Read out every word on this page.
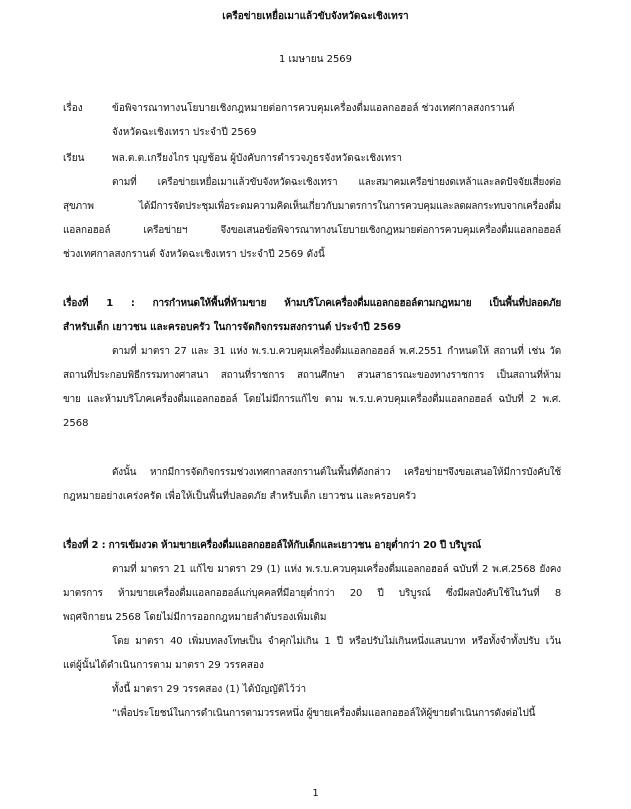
เครือข่ายเหยื่อเมาแล้วขับจังหวัดฉะเชิงเทรา
1 เมษายน 2569
เรื่อง	ข้อพิจารณาทางนโยบายเชิงกฎหมายต่อการควบคุมเครื่องดื่มแอลกอฮอล์ ช่วงเทศกาลสงกรานต์
จังหวัดฉะเชิงเทรา ประจำปี 2569
เรียน	พล.ต.ต.เกรียงไกร บุญช้อน ผู้บังคับการตำรวจภูธรจังหวัดฉะเชิงเทรา
ตามที่ เครือข่ายเหยื่อเมาแล้วขับจังหวัดฉะเชิงเทรา และสมาคมเครือข่ายงดเหล้าและลดปัจจัยเสี่ยงต่อ
สุขภาพ ได้มีการจัดประชุมเพื่อระดมความคิดเห็นเกี่ยวกับมาตรการในการควบคุมและลดผลกระทบจากเครื่องดื่ม
แอลกอฮอล์ เครือข่ายฯ จึงขอเสนอข้อพิจารณาทางนโยบายเชิงกฎหมายต่อการควบคุมเครื่องดื่มแอลกอฮอล์
ช่วงเทศกาลสงกรานต์ จังหวัดฉะเชิงเทรา ประจำปี 2569 ดังนี้
เรื่องที่ 1 : การกำหนดให้พื้นที่ห้ามขาย ห้ามบริโภคเครื่องดื่มแอลกอฮอล์ตามกฎหมาย เป็นพื้นที่ปลอดภัย
สำหรับเด็ก เยาวชน และครอบครัว ในการจัดกิจกรรมสงกรานต์ ประจำปี 2569
ตามที่ มาตรา 27 และ 31 แห่ง พ.ร.บ.ควบคุมเครื่องดื่มแอลกอฮอล์ พ.ศ.2551 กำหนดให้ สถานที่ เช่น วัด
สถานที่ประกอบพิธีกรรมทางศาสนา สถานที่ราชการ สถานศึกษา สวนสาธารณะของทางราชการ เป็นสถานที่ห้าม
ขาย และห้ามบริโภคเครื่องดื่มแอลกอฮอล์ โดยไม่มีการแก้ไข ตาม พ.ร.บ.ควบคุมเครื่องดื่มแอลกอฮอล์ ฉบับที่ 2 พ.ศ.
2568
ดังนั้น หากมีการจัดกิจกรรมช่วงเทศกาลสงกรานต์ในพื้นที่ดังกล่าว เครือข่ายฯจึงขอเสนอให้มีการบังคับใช้
กฎหมายอย่างเคร่งครัด เพื่อให้เป็นพื้นที่ปลอดภัย สำหรับเด็ก เยาวชน และครอบครัว
เรื่องที่ 2 : การเข้มงวด ห้ามขายเครื่องดื่มแอลกอฮอล์ให้กับเด็กและเยาวชน อายุต่ำกว่า 20 ปี บริบูรณ์
ตามที่ มาตรา 21 แก้ไข มาตรา 29 (1) แห่ง พ.ร.บ.ควบคุมเครื่องดื่มแอลกอฮอล์ ฉบับที่ 2 พ.ศ.2568 ยังคง
มาตรการ ห้ามขายเครื่องดื่มแอลกอฮอล์แก่บุคคลที่มีอายุต่ำกว่า 20 ปี บริบูรณ์ ซึ่งมีผลบังคับใช้ในวันที่ 8
พฤศจิกายน 2568 โดยไม่มีการออกกฎหมายลำดับรองเพิ่มเติม
โดย มาตรา 40 เพิ่มบทลงโทษเป็น จำคุกไม่เกิน 1 ปี หรือปรับไม่เกินหนึ่งแสนบาท หรือทั้งจำทั้งปรับ เว้น
แต่ผู้นั้นได้ดำเนินการตาม มาตรา 29 วรรคสอง
ทั้งนี้ มาตรา 29 วรรคสอง (1) ได้บัญญัติไว้ว่า
“เพื่อประโยชน์ในการดำเนินการตามวรรคหนึ่ง ผู้ขายเครื่องดื่มแอลกอฮอล์ให้ผู้ขายดำเนินการดังต่อไปนี้
1
